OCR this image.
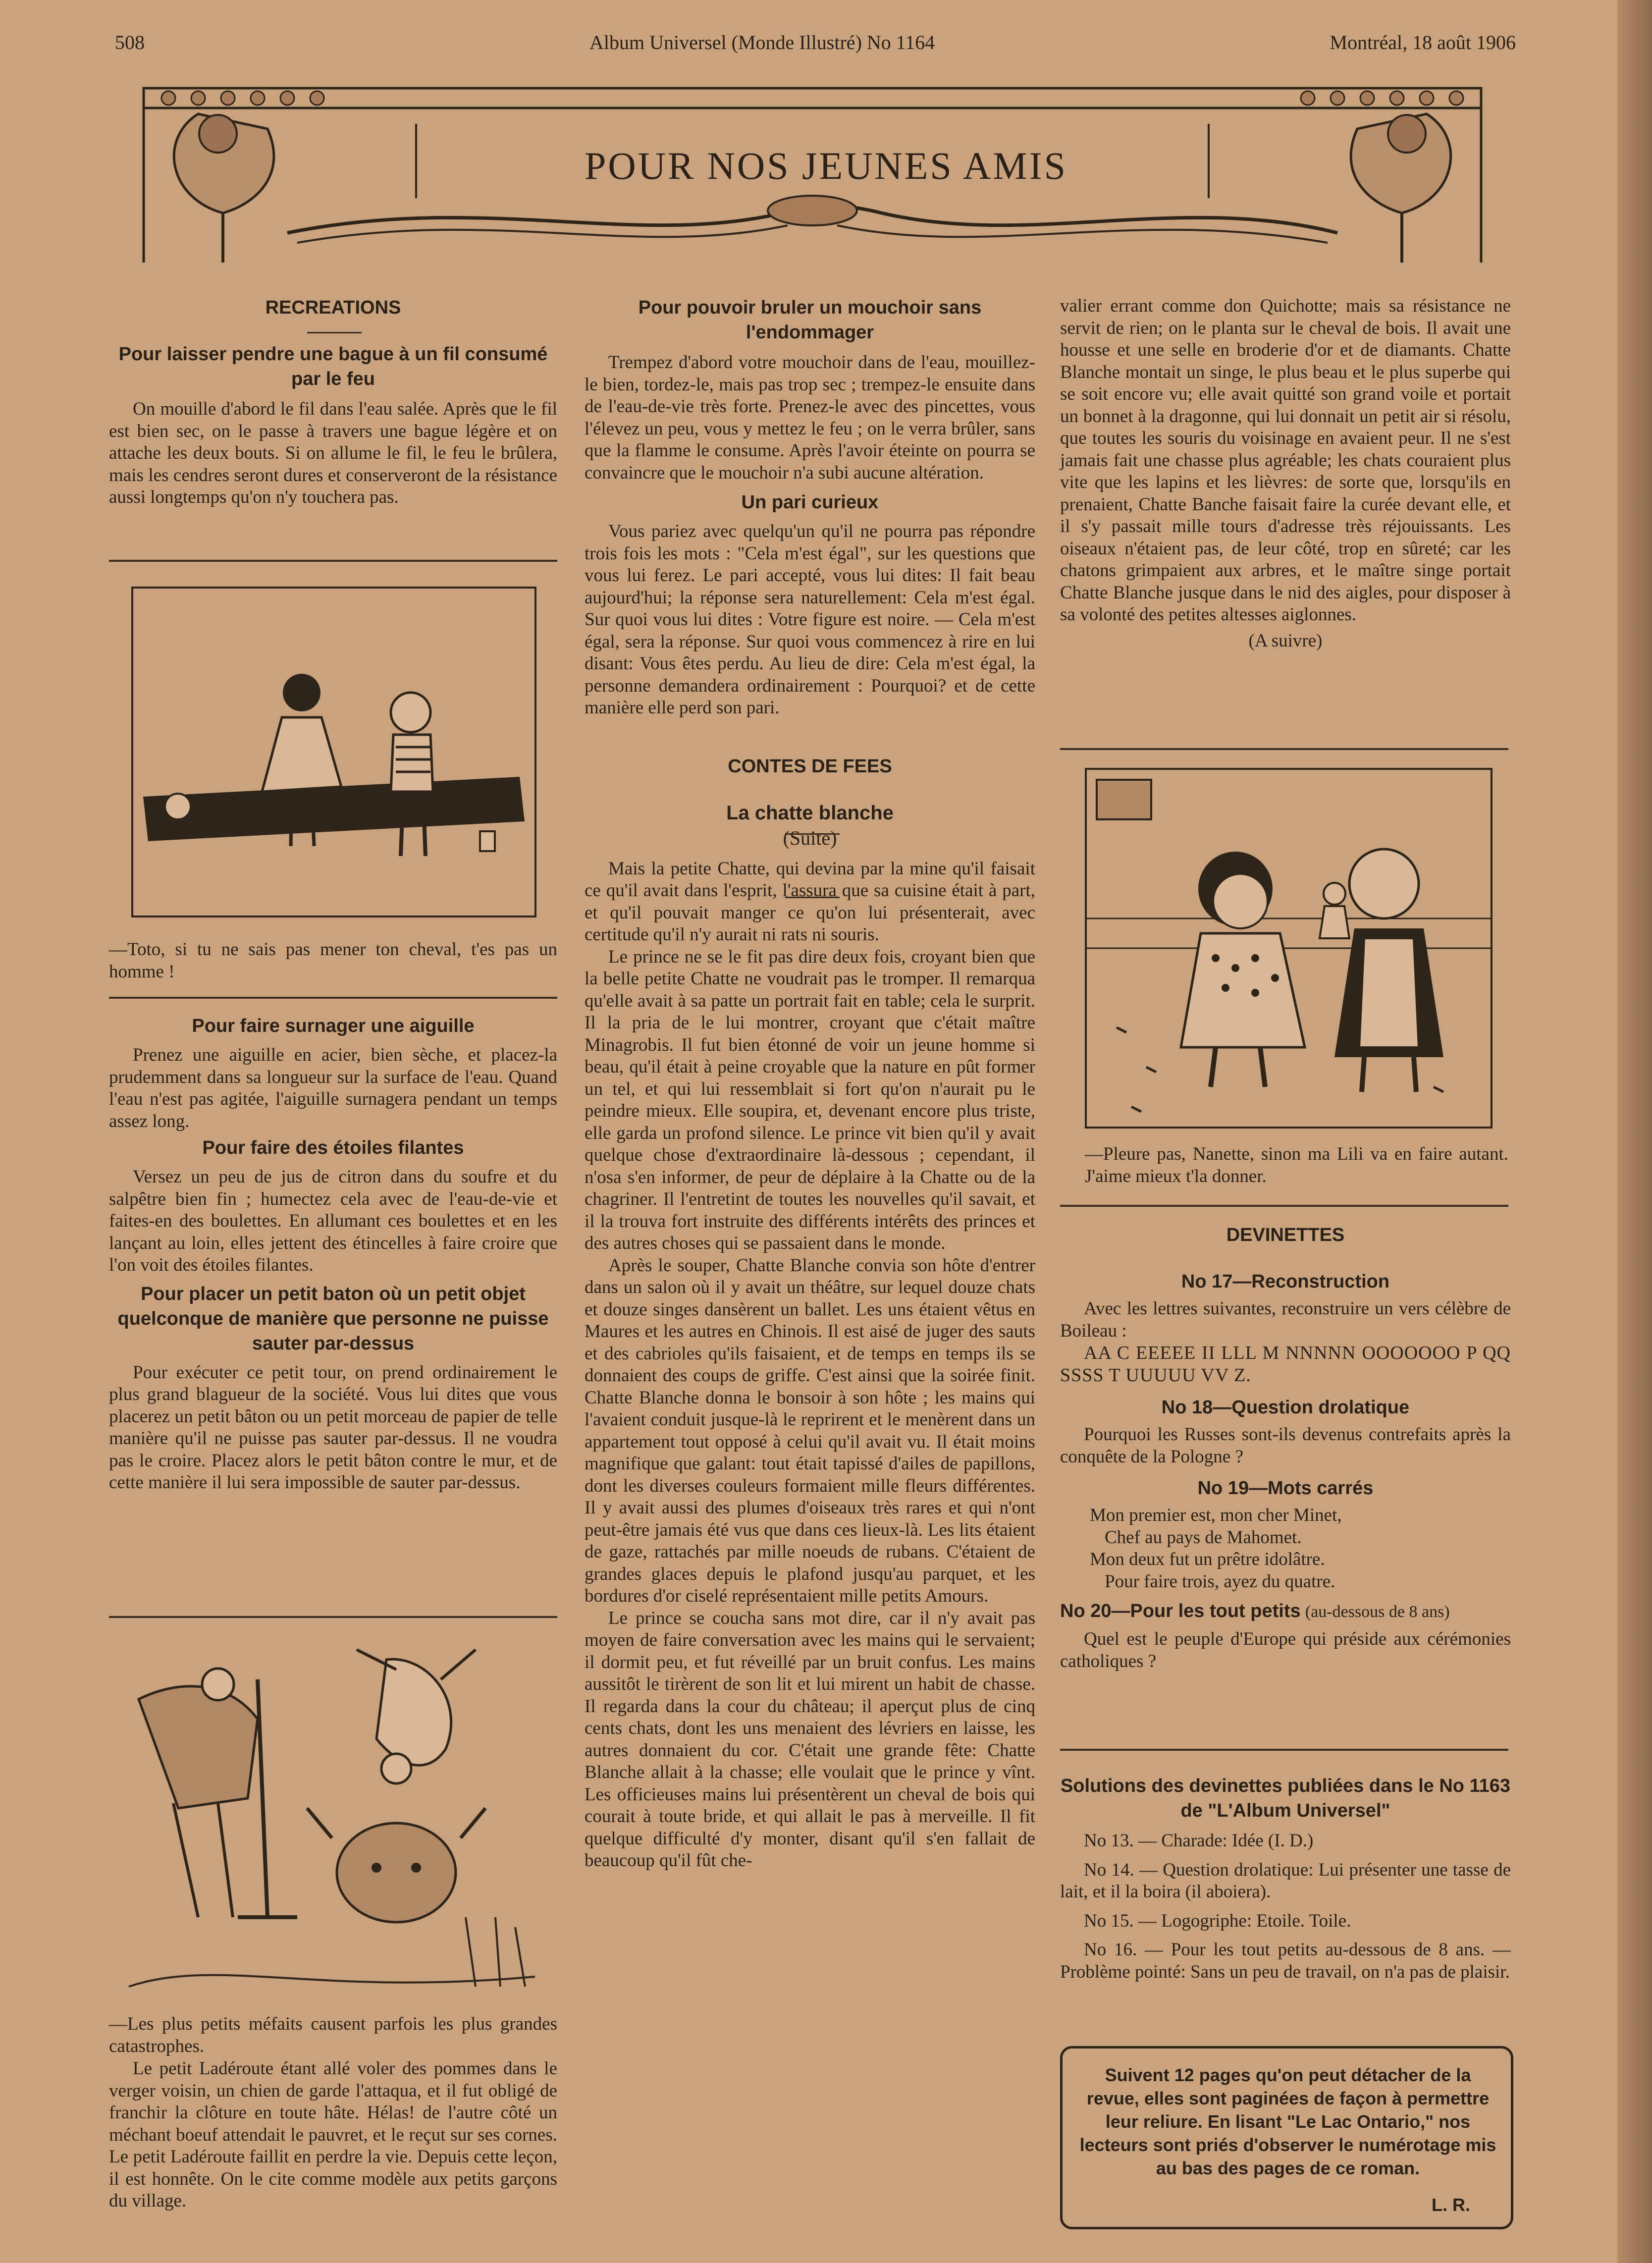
508	Album Universel (Monde Illustré) No 1164	Montréal, 18 août 1906
POUR NOS JEUNES AMIS
RECREATIONS
Pour laisser pendre une bague à un fil consumé par le feu

On mouille d'abord le fil dans l'eau salée. Après que le fil est bien sec, on le passe à travers une bague légère et on attache les deux bouts. Si on allume le fil, le feu le brûlera, mais les cendres seront dures et conserveront de la résistance aussi longtemps qu'on n'y touchera pas.

—Toto, si tu ne sais pas mener ton cheval, t'es pas un homme !
Pour faire surnager une aiguille

Prenez une aiguille en acier, bien sèche, et placez-la prudemment dans sa longueur sur la surface de l'eau. Quand l'eau n'est pas agitée, l'aiguille surnagera pendant un temps assez long.

Pour faire des étoiles filantes

Versez un peu de jus de citron dans du soufre et du salpêtre bien fin ; humectez cela avec de l'eau-de-vie et faites-en des boulettes. En allumant ces boulettes et en les lançant au loin, elles jettent des étincelles à faire croire que l'on voit des étoiles filantes.

Pour placer un petit baton où un petit objet quelconque de manière que personne ne puisse sauter par-dessus

Pour exécuter ce petit tour, on prend ordinairement le plus grand blagueur de la société. Vous lui dites que vous placerez un petit bâton ou un petit morceau de papier de telle manière qu'il ne puisse pas sauter par-dessus. Il ne voudra pas le croire. Placez alors le petit bâton contre le mur, et de cette manière il lui sera impossible de sauter par-dessus.

—Les plus petits méfaits causent parfois les plus grandes catastrophes.

Le petit Ladéroute étant allé voler des pommes dans le verger voisin, un chien de garde l'attaqua, et il fut obligé de franchir la clôture en toute hâte. Hélas! de l'autre côté un méchant boeuf attendait le pauvret, et le reçut sur ses cornes. Le petit Ladéroute faillit en perdre la vie. Depuis cette leçon, il est honnête. On le cite comme modèle aux petits garçons du village.

Pour pouvoir bruler un mouchoir sans l'endommager

Trempez d'abord votre mouchoir dans de l'eau, mouillez-le bien, tordez-le, mais pas trop sec ; trempez-le ensuite dans de l'eau-de-vie très forte. Prenez-le avec des pincettes, vous l'élevez un peu, vous y mettez le feu ; on le verra brûler, sans que la flamme le consume. Après l'avoir éteinte on pourra se convaincre que le mouchoir n'a subi aucune altération.

Un pari curieux

Vous pariez avec quelqu'un qu'il ne pourra pas répondre trois fois les mots : "Cela m'est égal", sur les questions que vous lui ferez. Le pari accepté, vous lui dites: Il fait beau aujourd'hui; la réponse sera naturellement: Cela m'est égal. Sur quoi vous lui dites : Votre figure est noire. — Cela m'est égal, sera la réponse. Sur quoi vous commencez à rire en lui disant: Vous êtes perdu. Au lieu de dire: Cela m'est égal, la personne demandera ordinairement : Pourquoi? et de cette manière elle perd son pari.

CONTES DE FEES
La chatte blanche
(Suite)

Mais la petite Chatte, qui devina par la mine qu'il faisait ce qu'il avait dans l'esprit, l'assura que sa cuisine était à part, et qu'il pouvait manger ce qu'on lui présenterait, avec certitude qu'il n'y aurait ni rats ni souris.

Le prince ne se le fit pas dire deux fois, croyant bien que la belle petite Chatte ne voudrait pas le tromper. Il remarqua qu'elle avait à sa patte un portrait fait en table; cela le surprit. Il la pria de le lui montrer, croyant que c'était maître Minagrobis. Il fut bien étonné de voir un jeune homme si beau, qu'il était à peine croyable que la nature en pût former un tel, et qui lui ressemblait si fort qu'on n'aurait pu le peindre mieux. Elle soupira, et, devenant encore plus triste, elle garda un profond silence. Le prince vit bien qu'il y avait quelque chose d'extraordinaire là-dessous ; cependant, il n'osa s'en informer, de peur de déplaire à la Chatte ou de la chagriner. Il l'entretint de toutes les nouvelles qu'il savait, et il la trouva fort instruite des différents intérêts des princes et des autres choses qui se passaient dans le monde.

Après le souper, Chatte Blanche convia son hôte d'entrer dans un salon où il y avait un théâtre, sur lequel douze chats et douze singes dansèrent un ballet. Les uns étaient vêtus en Maures et les autres en Chinois. Il est aisé de juger des sauts et des cabrioles qu'ils faisaient, et de temps en temps ils se donnaient des coups de griffe. C'est ainsi que la soirée finit. Chatte Blanche donna le bonsoir à son hôte ; les mains qui l'avaient conduit jusque-là le reprirent et le menèrent dans un appartement tout opposé à celui qu'il avait vu. Il était moins magnifique que galant: tout était tapissé d'ailes de papillons, dont les diverses couleurs formaient mille fleurs différentes. Il y avait aussi des plumes d'oiseaux très rares et qui n'ont peut-être jamais été vus que dans ces lieux-là. Les lits étaient de gaze, rattachés par mille noeuds de rubans. C'étaient de grandes glaces depuis le plafond jusqu'au parquet, et les bordures d'or ciselé représentaient mille petits Amours.

Le prince se coucha sans mot dire, car il n'y avait pas moyen de faire conversation avec les mains qui le servaient; il dormit peu, et fut réveillé par un bruit confus. Les mains aussitôt le tirèrent de son lit et lui mirent un habit de chasse. Il regarda dans la cour du château; il aperçut plus de cinq cents chats, dont les uns menaient des lévriers en laisse, les autres donnaient du cor. C'était une grande fête: Chatte Blanche allait à la chasse; elle voulait que le prince y vînt. Les officieuses mains lui présentèrent un cheval de bois qui courait à toute bride, et qui allait le pas à merveille. Il fit quelque difficulté d'y monter, disant qu'il s'en fallait de beaucoup qu'il fût che-

valier errant comme don Quichotte; mais sa résistance ne servit de rien; on le planta sur le cheval de bois. Il avait une housse et une selle en broderie d'or et de diamants. Chatte Blanche montait un singe, le plus beau et le plus superbe qui se soit encore vu; elle avait quitté son grand voile et portait un bonnet à la dragonne, qui lui donnait un petit air si résolu, que toutes les souris du voisinage en avaient peur. Il ne s'est jamais fait une chasse plus agréable; les chats couraient plus vite que les lapins et les lièvres: de sorte que, lorsqu'ils en prenaient, Chatte Banche faisait faire la curée devant elle, et il s'y passait mille tours d'adresse très réjouissants. Les oiseaux n'étaient pas, de leur côté, trop en sûreté; car les chatons grimpaient aux arbres, et le maître singe portait Chatte Blanche jusque dans le nid des aigles, pour disposer à sa volonté des petites altesses aiglonnes.

(A suivre)
—Pleure pas, Nanette, sinon ma Lili va en faire autant. J'aime mieux t'la donner.
DEVINETTES
No 17—Reconstruction

Avec les lettres suivantes, reconstruire un vers célèbre de Boileau :

AA C EEEEE II LLL M NNNNN OOOOOOO P QQ SSSS T UUUUU VV Z.

No 18—Question drolatique

Pourquoi les Russes sont-ils devenus contrefaits après la conquête de la Pologne ?

No 19—Mots carrés

Mon premier est, mon cher Minet,

Chef au pays de Mahomet.

Mon deux fut un prêtre idolâtre.

Pour faire trois, ayez du quatre.

No 20—Pour les tout petits (au-dessous de 8 ans)

Quel est le peuple d'Europe qui préside aux cérémonies catholiques ?

Solutions des devinettes publiées dans le No 1163 de "L'Album Universel"

No 13. — Charade: Idée (I. D.)

No 14. — Question drolatique: Lui présenter une tasse de lait, et il la boira (il aboiera).

No 15. — Logogriphe: Etoile. Toile.

No 16. — Pour les tout petits au-dessous de 8 ans. — Problème pointé: Sans un peu de travail, on n'a pas de plaisir.

Suivent 12 pages qu'on peut détacher de la revue, elles sont paginées de façon à permettre leur reliure. En lisant "Le Lac Ontario," nos lecteurs sont priés d'observer le numérotage mis au bas des pages de ce roman.
L. R.
